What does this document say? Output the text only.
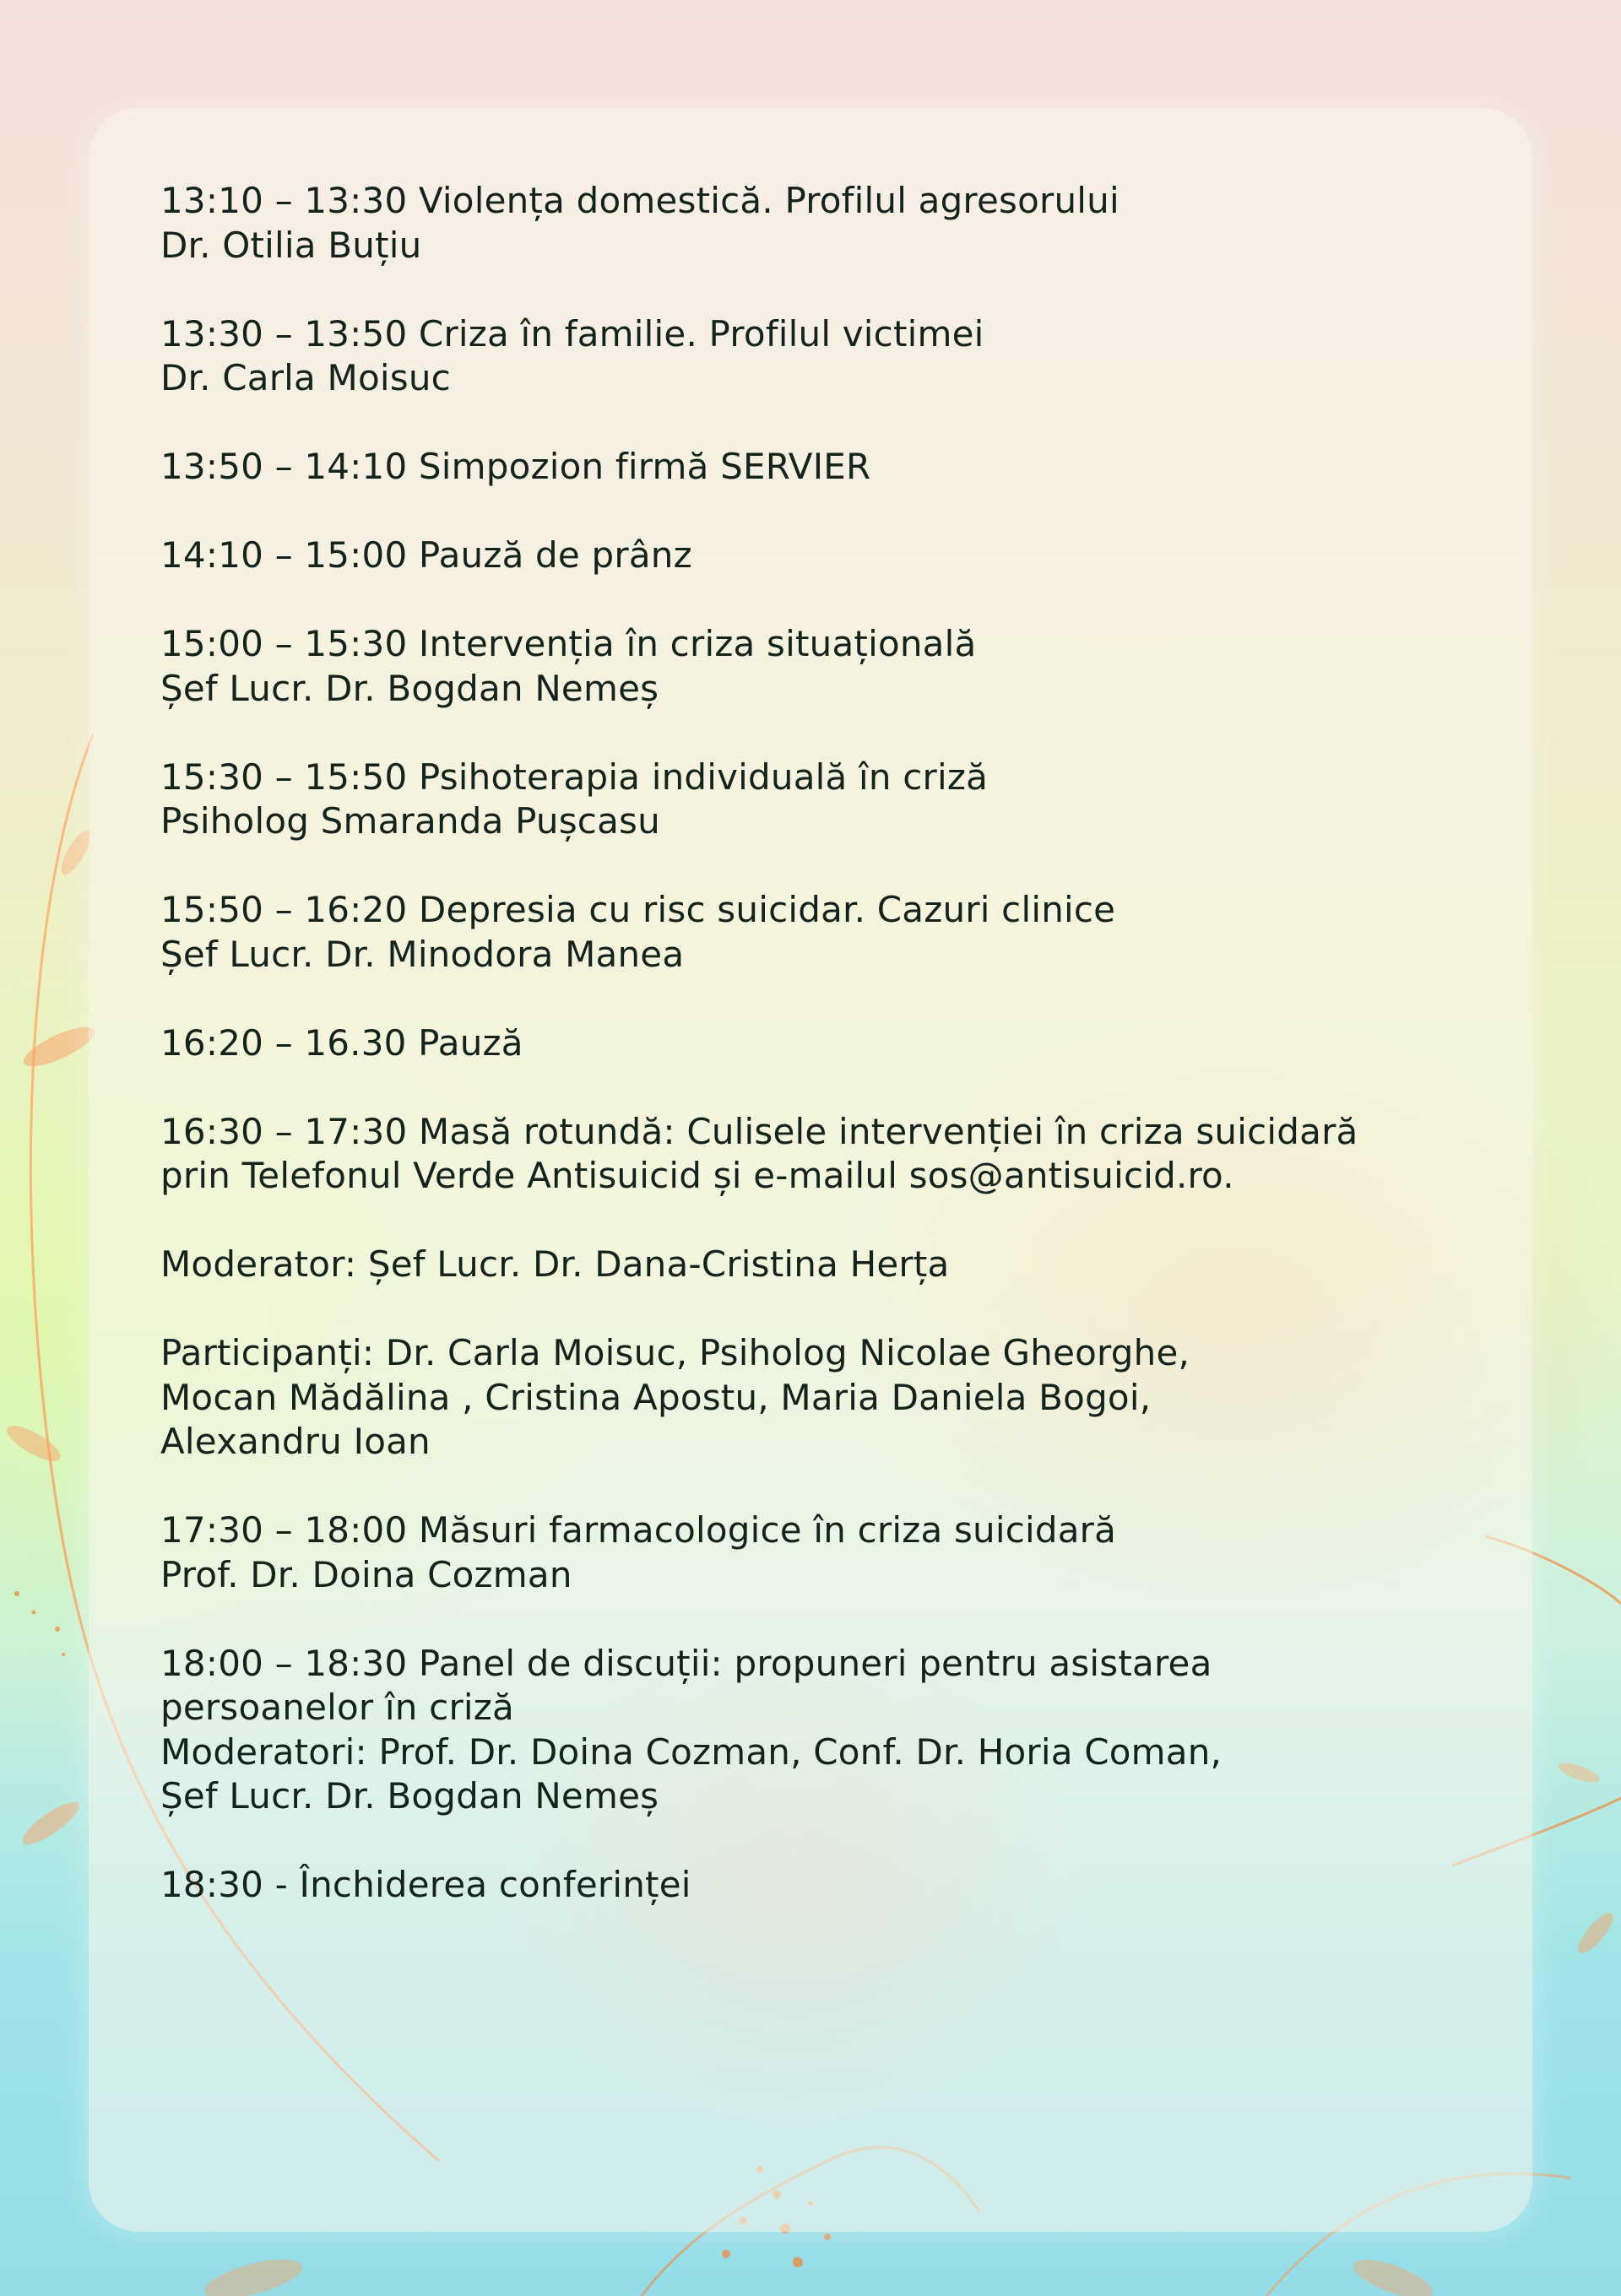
13:10 – 13:30 Violența domestică. Profilul agresorului
Dr. Otilia Buțiu
13:30 – 13:50 Criza în familie. Profilul victimei
Dr. Carla Moisuc
13:50 – 14:10 Simpozion firmă SERVIER
14:10 – 15:00 Pauză de prânz
15:00 – 15:30 Intervenția în criza situațională
Șef Lucr. Dr. Bogdan Nemeș
15:30 – 15:50 Psihoterapia individuală în criză
Psiholog Smaranda Pușcasu
15:50 – 16:20 Depresia cu risc suicidar. Cazuri clinice
Șef Lucr. Dr. Minodora Manea
16:20 – 16.30 Pauză
16:30 – 17:30 Masă rotundă: Culisele intervenției în criza suicidară
prin Telefonul Verde Antisuicid și e-mailul sos@antisuicid.ro.
Moderator: Șef Lucr. Dr. Dana-Cristina Herța
Participanți: Dr. Carla Moisuc, Psiholog Nicolae Gheorghe,
Mocan Mădălina , Cristina Apostu, Maria Daniela Bogoi,
Alexandru Ioan
17:30 – 18:00 Măsuri farmacologice în criza suicidară
Prof. Dr. Doina Cozman
18:00 – 18:30 Panel de discuții: propuneri pentru asistarea
persoanelor în criză
Moderatori: Prof. Dr. Doina Cozman, Conf. Dr. Horia Coman,
Șef Lucr. Dr. Bogdan Nemeș
18:30 - Închiderea conferinței
